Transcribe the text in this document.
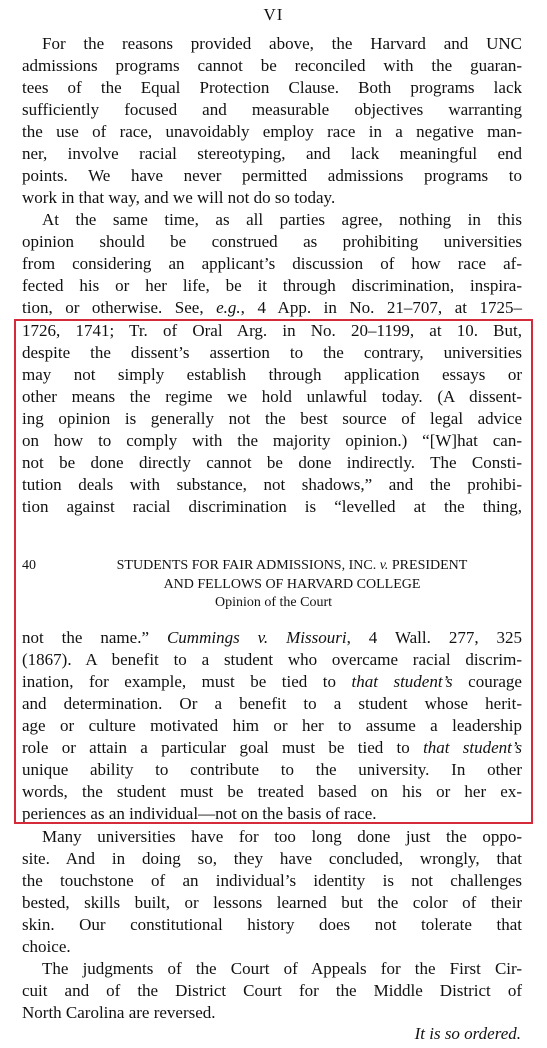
VI
For the reasons provided above, the Harvard and UNC
admissions programs cannot be reconciled with the guaran-
tees of the Equal Protection Clause. Both programs lack
sufficiently focused and measurable objectives warranting
the use of race, unavoidably employ race in a negative man-
ner, involve racial stereotyping, and lack meaningful end
points. We have never permitted admissions programs to
work in that way, and we will not do so today.
At the same time, as all parties agree, nothing in this
opinion should be construed as prohibiting universities
from considering an applicant’s discussion of how race af-
fected his or her life, be it through discrimination, inspira-
tion, or otherwise. See, e.g., 4 App. in No. 21–707, at 1725–
1726, 1741; Tr. of Oral Arg. in No. 20–1199, at 10. But,
despite the dissent’s assertion to the contrary, universities
may not simply establish through application essays or
other means the regime we hold unlawful today. (A dissent-
ing opinion is generally not the best source of legal advice
on how to comply with the majority opinion.) “[W]hat can-
not be done directly cannot be done indirectly. The Consti-
tution deals with substance, not shadows,” and the prohibi-
tion against racial discrimination is “levelled at the thing,
40	STUDENTS FOR FAIR ADMISSIONS, INC. v. PRESIDENT
AND FELLOWS OF HARVARD COLLEGE
Opinion of the Court
not the name.” Cummings v. Missouri, 4 Wall. 277, 325
(1867). A benefit to a student who overcame racial discrim-
ination, for example, must be tied to that student’s courage
and determination. Or a benefit to a student whose herit-
age or culture motivated him or her to assume a leadership
role or attain a particular goal must be tied to that student’s
unique ability to contribute to the university. In other
words, the student must be treated based on his or her ex-
periences as an individual—not on the basis of race.
Many universities have for too long done just the oppo-
site. And in doing so, they have concluded, wrongly, that
the touchstone of an individual’s identity is not challenges
bested, skills built, or lessons learned but the color of their
skin. Our constitutional history does not tolerate that
choice.
The judgments of the Court of Appeals for the First Cir-
cuit and of the District Court for the Middle District of
North Carolina are reversed.
It is so ordered.
